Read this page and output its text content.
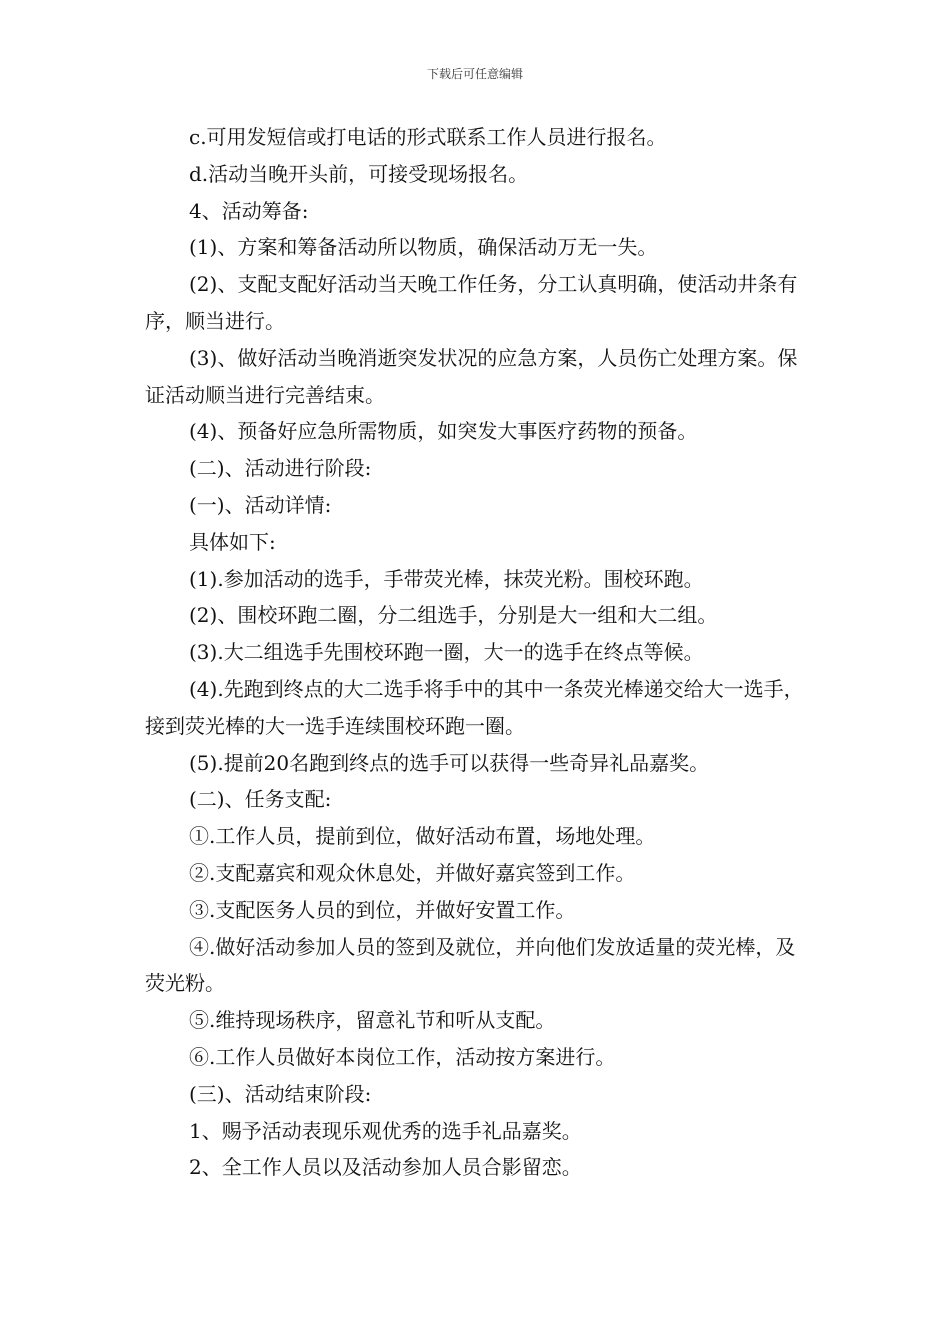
下载后可任意编辑

c.可用发短信或打电话的形式联系工作人员进行报名。

d.活动当晚开头前，可接受现场报名。

4、活动筹备:

(1)、方案和筹备活动所以物质，确保活动万无一失。

(2)、支配支配好活动当天晚工作任务，分工认真明确，使活动井条有序，顺当进行。

(3)、做好活动当晚消逝突发状况的应急方案，人员伤亡处理方案。保证活动顺当进行完善结束。

(4)、预备好应急所需物质，如突发大事医疗药物的预备。

(二)、活动进行阶段:

(一)、活动详情:

具体如下:

(1).参加活动的选手，手带荧光棒，抹荧光粉。围校环跑。

(2)、围校环跑二圈，分二组选手，分别是大一组和大二组。

(3).大二组选手先围校环跑一圈，大一的选手在终点等候。

(4).先跑到终点的大二选手将手中的其中一条荧光棒递交给大一选手，接到荧光棒的大一选手连续围校环跑一圈。

(5).提前20名跑到终点的选手可以获得一些奇异礼品嘉奖。

(二)、任务支配:

①.工作人员，提前到位，做好活动布置，场地处理。

②.支配嘉宾和观众休息处，并做好嘉宾签到工作。

③.支配医务人员的到位，并做好安置工作。

④.做好活动参加人员的签到及就位，并向他们发放适量的荧光棒，及荧光粉。

⑤.维持现场秩序，留意礼节和听从支配。

⑥.工作人员做好本岗位工作，活动按方案进行。

(三)、活动结束阶段:

1、赐予活动表现乐观优秀的选手礼品嘉奖。

2、全工作人员以及活动参加人员合影留恋。
